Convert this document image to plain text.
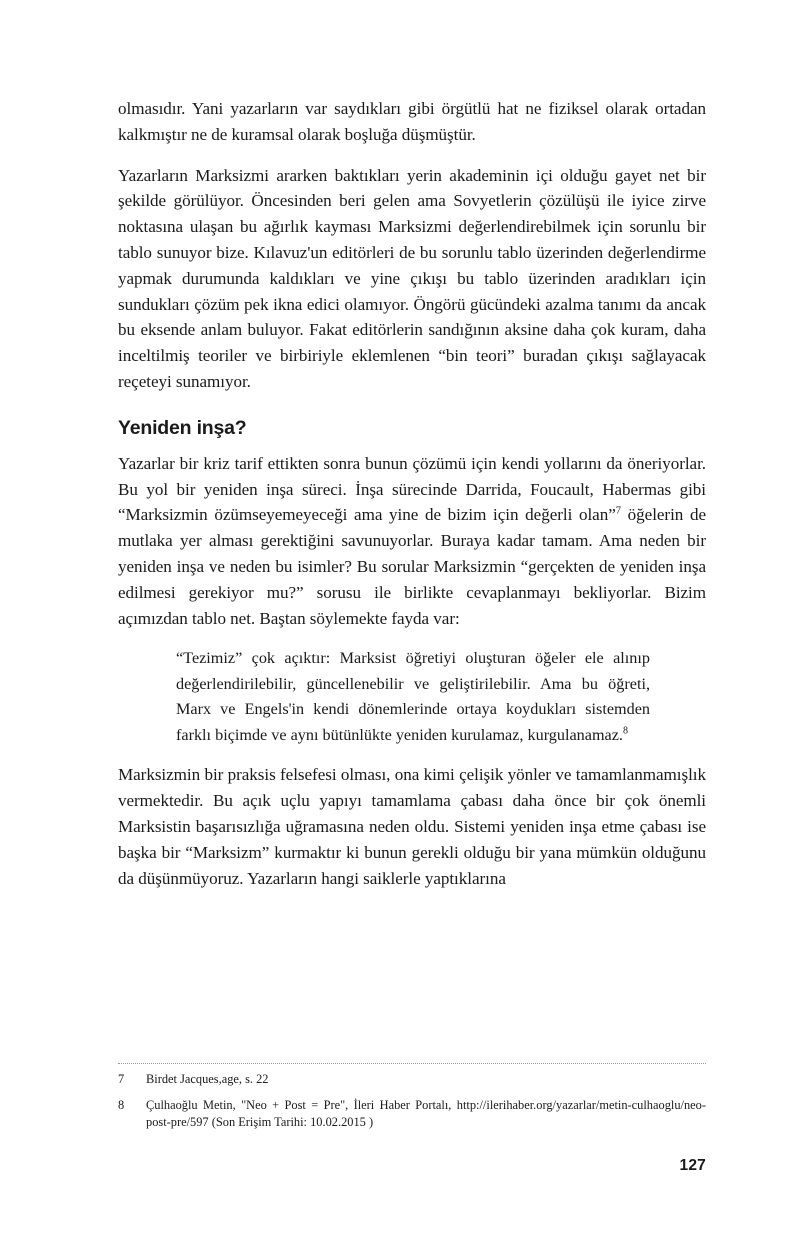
olmasıdır. Yani yazarların var saydıkları gibi örgütlü hat ne fiziksel olarak ortadan kalkmıştır ne de kuramsal olarak boşluğa düşmüştür.

Yazarların Marksizmi ararken baktıkları yerin akademinin içi olduğu gayet net bir şekilde görülüyor. Öncesinden beri gelen ama Sovyetlerin çözülüşü ile iyice zirve noktasına ulaşan bu ağırlık kayması Marksizmi değerlendirebilmek için sorunlu bir tablo sunuyor bize. Kılavuz'un editörleri de bu sorunlu tablo üzerinden değerlendirme yapmak durumunda kaldıkları ve yine çıkışı bu tablo üzerinden aradıkları için sundukları çözüm pek ikna edici olamıyor. Öngörü gücündeki azalma tanımı da ancak bu eksende anlam buluyor. Fakat editörlerin sandığının aksine daha çok kuram, daha inceltilmiş teoriler ve birbiriyle eklemlenen “bin teori” buradan çıkışı sağlayacak reçeteyi sunamıyor.

Yeniden inşa?

Yazarlar bir kriz tarif ettikten sonra bunun çözümü için kendi yollarını da öneriyorlar. Bu yol bir yeniden inşa süreci. İnşa sürecinde Darrida, Foucault, Habermas gibi “Marksizmin özümseyemeyeceği ama yine de bizim için değerli olan”$^7$ öğelerin de mutlaka yer alması gerektiğini savunuyorlar. Buraya kadar tamam. Ama neden bir yeniden inşa ve neden bu isimler? Bu sorular Marksizmin “gerçekten de yeniden inşa edilmesi gerekiyor mu?” sorusu ile birlikte cevaplanmayı bekliyorlar. Bizim açımızdan tablo net. Baştan söylemekte fayda var:

“Tezimiz” çok açıktır: Marksist öğretiyi oluşturan öğeler ele alınıp değerlendirilebilir, güncellenebilir ve geliştirilebilir. Ama bu öğreti, Marx ve Engels'in kendi dönemlerinde ortaya koydukları sistemden farklı biçimde ve aynı bütünlükte yeniden kurulamaz, kurgulanamaz.$^8$

Marksizmin bir praksis felsefesi olması, ona kimi çelişik yönler ve tamamlanmamışlık vermektedir. Bu açık uçlu yapıyı tamamlama çabası daha önce bir çok önemli Marksistin başarısızlığa uğramasına neden oldu. Sistemi yeniden inşa etme çabası ise başka bir “Marksizm” kurmaktır ki bunun gerekli olduğu bir yana mümkün olduğunu da düşünmüyoruz. Yazarların hangi saiklerle yaptıklarına

7	Birdet Jacques,age, s. 22
8	Çulhaoğlu Metin, "Neo + Post = Pre", İleri Haber Portalı, http://ilerihaber.org/yazarlar/metin-culhaoglu/neo-post-pre/597 (Son Erişim Tarihi: 10.02.2015 )
127
